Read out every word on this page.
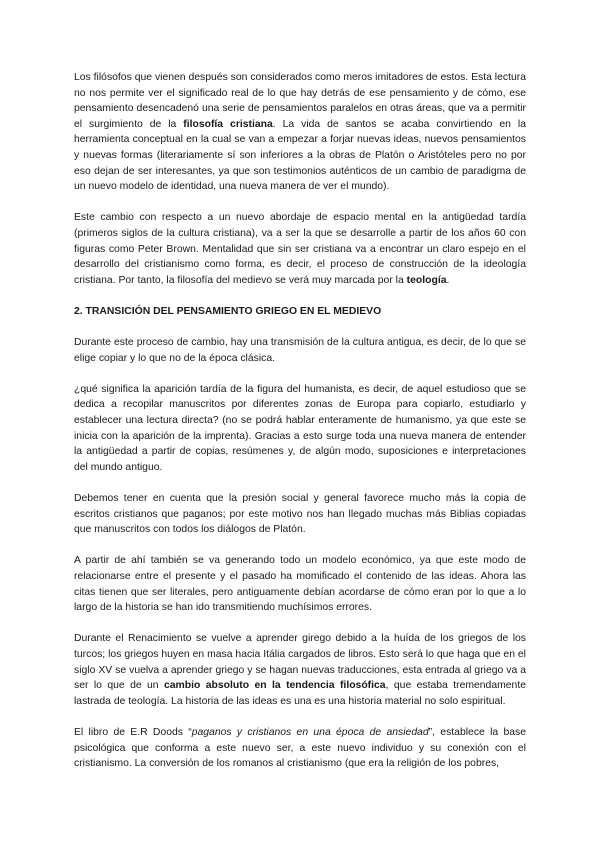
Los filósofos que vienen después son considerados como meros imitadores de estos. Esta lectura no nos permite ver el significado real de lo que hay detrás de ese pensamiento y de cómo, ese pensamiento desencadenó una serie de pensamientos paralelos en otras áreas, que va a permitir el surgimiento de la filosofía cristiana. La vida de santos se acaba convirtiendo en la herramienta conceptual en la cual se van a empezar a forjar nuevas ideas, nuevos pensamientos y nuevas formas (literariamente sí son inferiores a la obras de Platón o Aristóteles pero no por eso dejan de ser interesantes, ya que son testimonios auténticos de un cambio de paradigma de un nuevo modelo de identidad, una nueva manera de ver el mundo).

Este cambio con respecto a un nuevo abordaje de espacio mental en la antigüedad tardía (primeros siglos de la cultura cristiana), va a ser la que se desarrolle a partir de los años 60 con figuras como Peter Brown. Mentalidad que sin ser cristiana va a encontrar un claro espejo en el desarrollo del cristianismo como forma, es decir, el proceso de construcción de la ideología cristiana. Por tanto, la filosofía del medievo se verá muy marcada por la teología.

2. TRANSICIÓN DEL PENSAMIENTO GRIEGO EN EL MEDIEVO

Durante este proceso de cambio, hay una transmisión de la cultura antigua, es decir, de lo que se elige copiar y lo que no de la época clásica.

¿qué significa la aparición tardía de la figura del humanista, es decir, de aquel estudioso que se dedica a recopilar manuscritos por diferentes zonas de Europa para copiarlo, estudiarlo y establecer una lectura directa? (no se podrá hablar enteramente de humanismo, ya que este se inicia con la aparición de la imprenta). Gracias a esto surge toda una nueva manera de entender la antigüedad a partir de copias, resúmenes y, de algún modo, suposiciones e interpretaciones del mundo antiguo.

Debemos tener en cuenta que la presión social y general favorece mucho más la copia de escritos cristianos que paganos; por este motivo nos han llegado muchas más Biblias copiadas que manuscritos con todos los diálogos de Platón.

A partir de ahí también se va generando todo un modelo económico, ya que este modo de relacionarse entre el presente y el pasado ha momificado el contenido de las ideas. Ahora las citas tienen que ser literales, pero antiguamente debían acordarse de cómo eran por lo que a lo largo de la historia se han ido transmitiendo muchísimos errores.

Durante el Renacimiento se vuelve a aprender girego debido a la huída de los griegos de los turcos; los griegos huyen en masa hacia Itália cargados de libros. Esto será lo que haga que en el siglo XV se vuelva a aprender griego y se hagan nuevas traducciones, esta entrada al griego va a ser lo que de un cambio absoluto en la tendencia filosófica, que estaba tremendamente lastrada de teología. La historia de las ideas es una es una historia material no solo espiritual.

El libro de E.R Doods “paganos y cristianos en una época de ansiedad”, establece la base psicológica que conforma a este nuevo ser, a este nuevo individuo y su conexión con el cristianismo. La conversión de los romanos al cristianismo (que era la religión de los pobres,
